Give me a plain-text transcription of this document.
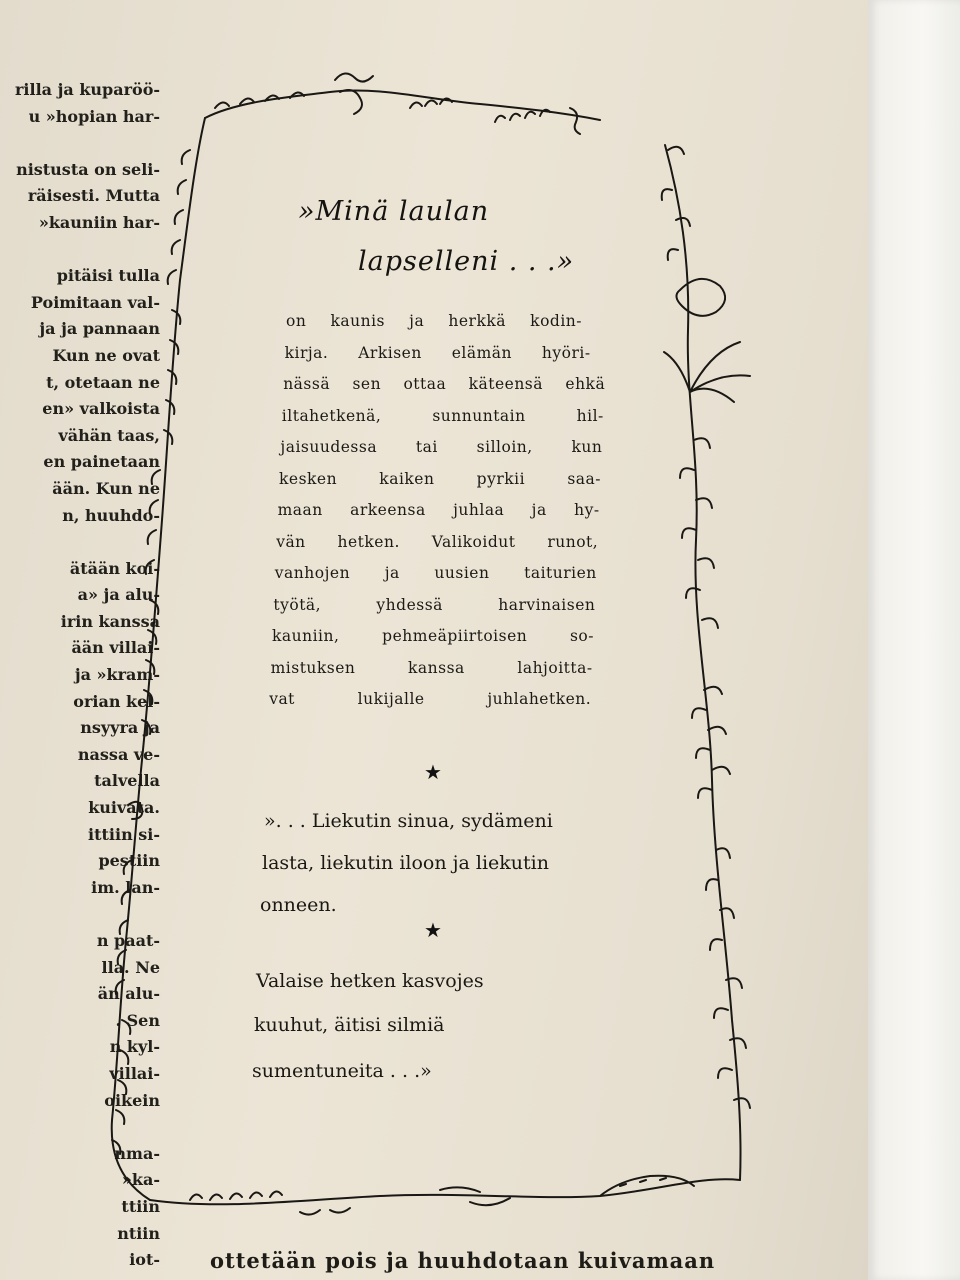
rilla ja kuparöö-
u »hopian har-
nistusta on seli-
räisesti. Mutta
»kauniin har-
pitäisi tulla
Poimitaan val-
ja ja pannaan
Kun ne ovat
t, otetaan ne
en» valkoista
vähän taas,
en painetaan
ään. Kun ne
n, huuhdo-
ätään koi-
a» ja alu-
irin kanssa
ään villai-
ja »kram-
orian kel-
nsyyra ja
nassa ve-
talvella
kuivata.
ittiin si-
pestiin
im. lan-
n paat-
lla. Ne
än alu-
. Sen
n kyl-
villai-
oikein
nma-
»ka-
ttiin
ntiin
iot-
»Minä laulan
lapselleni . . .»
on kaunis ja herkkä kodin-
kirja. Arkisen elämän hyöri-
nässä sen ottaa käteensä ehkä
iltahetkenä, sunnuntain hil-
jaisuudessa tai silloin, kun
kesken kaiken pyrkii saa-
maan arkeensa juhlaa ja hy-
vän hetken. Valikoidut runot,
vanhojen ja uusien taiturien
työtä, yhdessä harvinaisen
kauniin, pehmeäpiirtoisen so-
mistuksen kanssa lahjoitta-
vat lukijalle juhlahetken.
★
». . . Liekutin sinua, sydämeni
lasta, liekutin iloon ja liekutin
onneen.
★
Valaise hetken kasvojes
kuuhut, äitisi silmiä
sumentuneita . . .»
ottetään pois ja huuhdotaan kuivamaan
